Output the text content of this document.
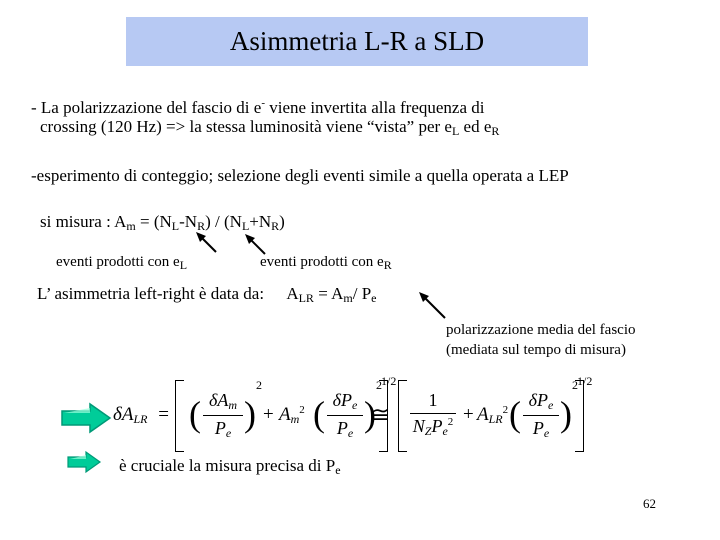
Asimmetria L-R a SLD
- La polarizzazione del fascio di e- viene invertita alla frequenza di
crossing (120 Hz) => la stessa luminosità viene “vista” per $e_L$ ed $e_R$
-esperimento di conteggio; selezione degli eventi simile a quella operata a LEP
si misura : $A_m = (N_L-N_R) / (N_L+N_R)$
eventi prodotti con $e_L$	eventi prodotti con $e_R$
L’ asimmetria left-right è data da: $A_{LR} = A_m/$ $P_e$
polarizzazione media del fascio
(mediata sul tempo di misura)
$\delta A_{LR}$ = ( $\delta A_m$
$P_e$ )
2
+ $A_m^2$ ( $\delta P_e$
$P_e$ )
2 1/2
≅
1
$N_ZP_e^2 + A_{LR}^2$ ( $\delta P_e$
$P_e$ )
2 1/2
è cruciale la misura precisa di $P_e$
62
